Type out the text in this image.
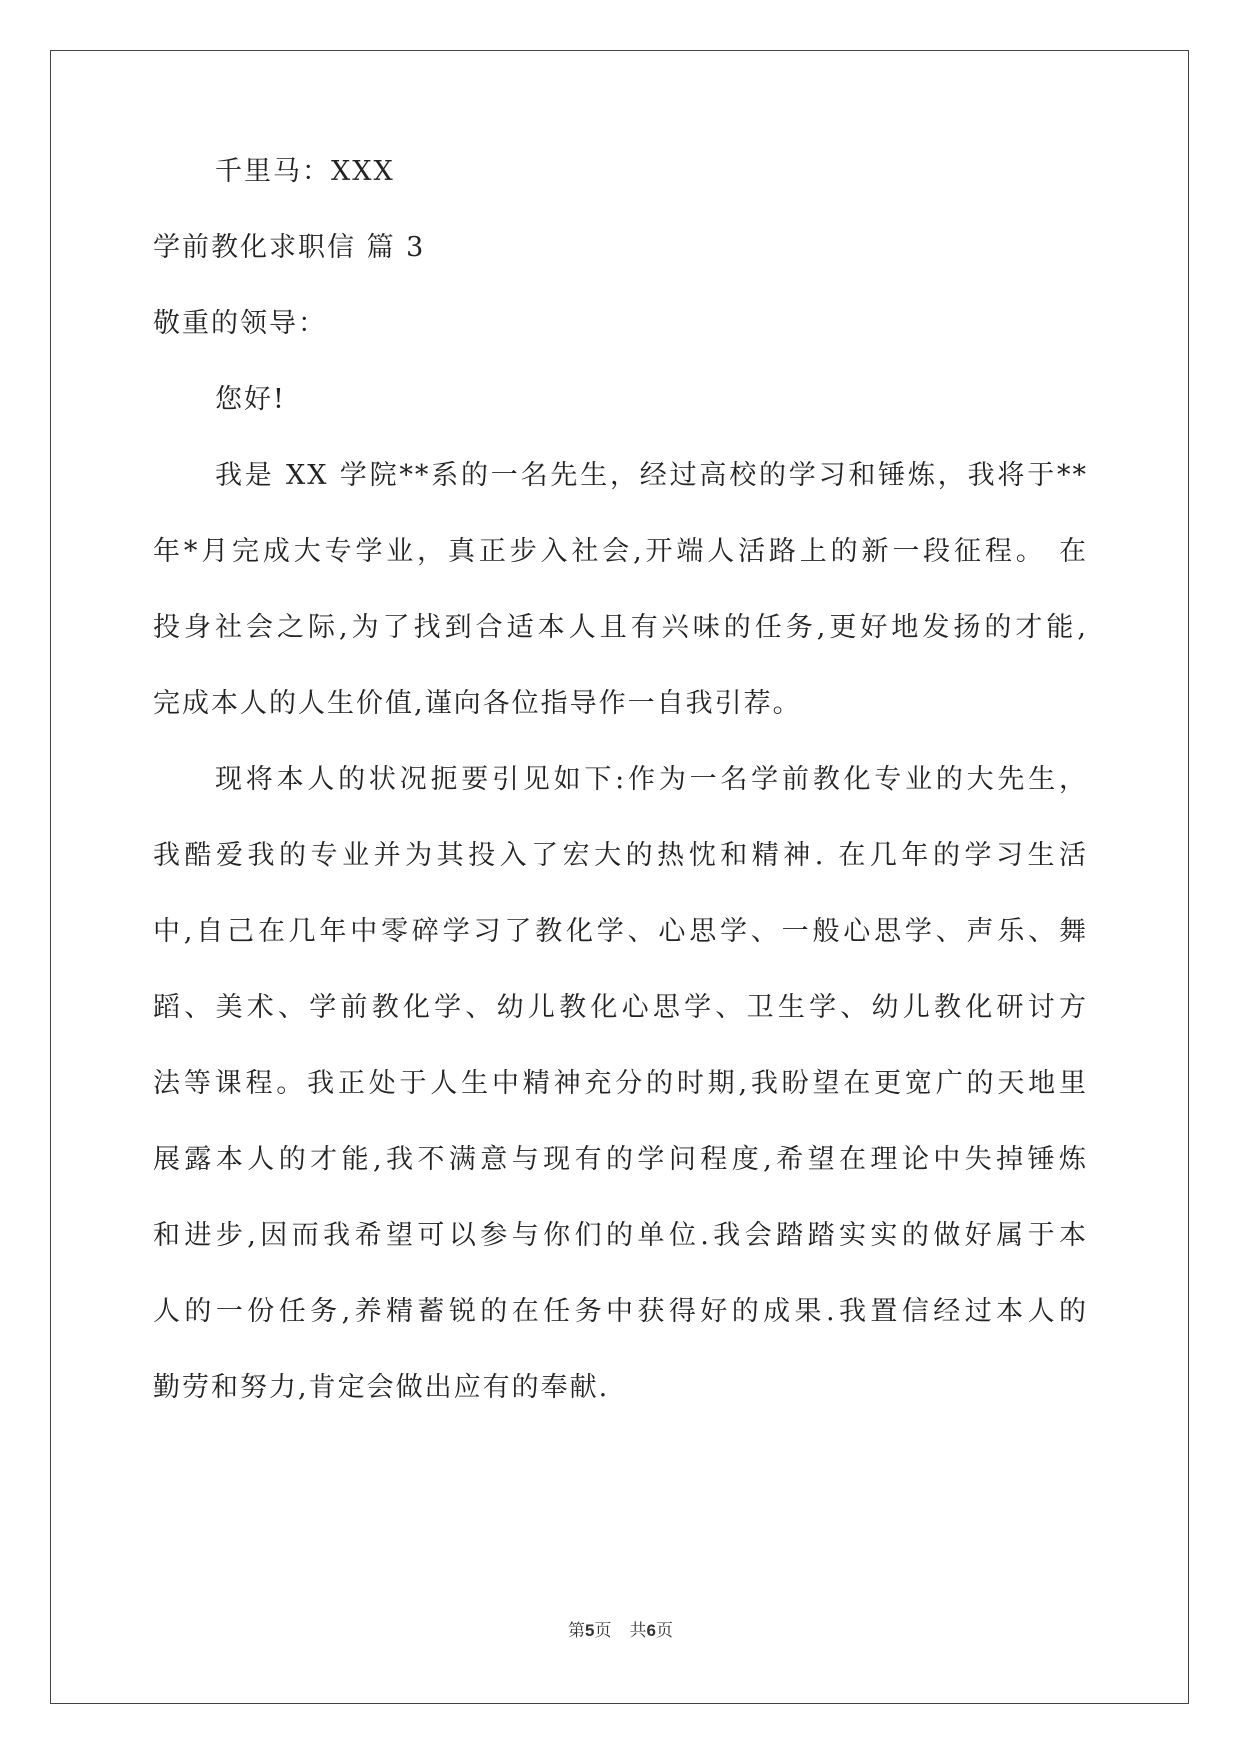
千里马：XXX
学前教化求职信 篇 3
敬重的领导：
您好!
我是 XX 学院**系的一名先生，经过高校的学习和锤炼，我将于**
年*月完成大专学业，真正步入社会,开端人活路上的新一段征程。 在
投身社会之际,为了找到合适本人且有兴味的任务,更好地发扬的才能,
完成本人的人生价值,谨向各位指导作一自我引荐。
现将本人的状况扼要引见如下:作为一名学前教化专业的大先生，
我酷爱我的专业并为其投入了宏大的热忱和精神. 在几年的学习生活
中,自己在几年中零碎学习了教化学、心思学、一般心思学、声乐、舞
蹈、美术、学前教化学、幼儿教化心思学、卫生学、幼儿教化研讨方
法等课程。我正处于人生中精神充分的时期,我盼望在更宽广的天地里
展露本人的才能,我不满意与现有的学问程度,希望在理论中失掉锤炼
和进步,因而我希望可以参与你们的单位.我会踏踏实实的做好属于本
人的一份任务,养精蓄锐的在任务中获得好的成果.我置信经过本人的
勤劳和努力,肯定会做出应有的奉献.
第5页 共6页
